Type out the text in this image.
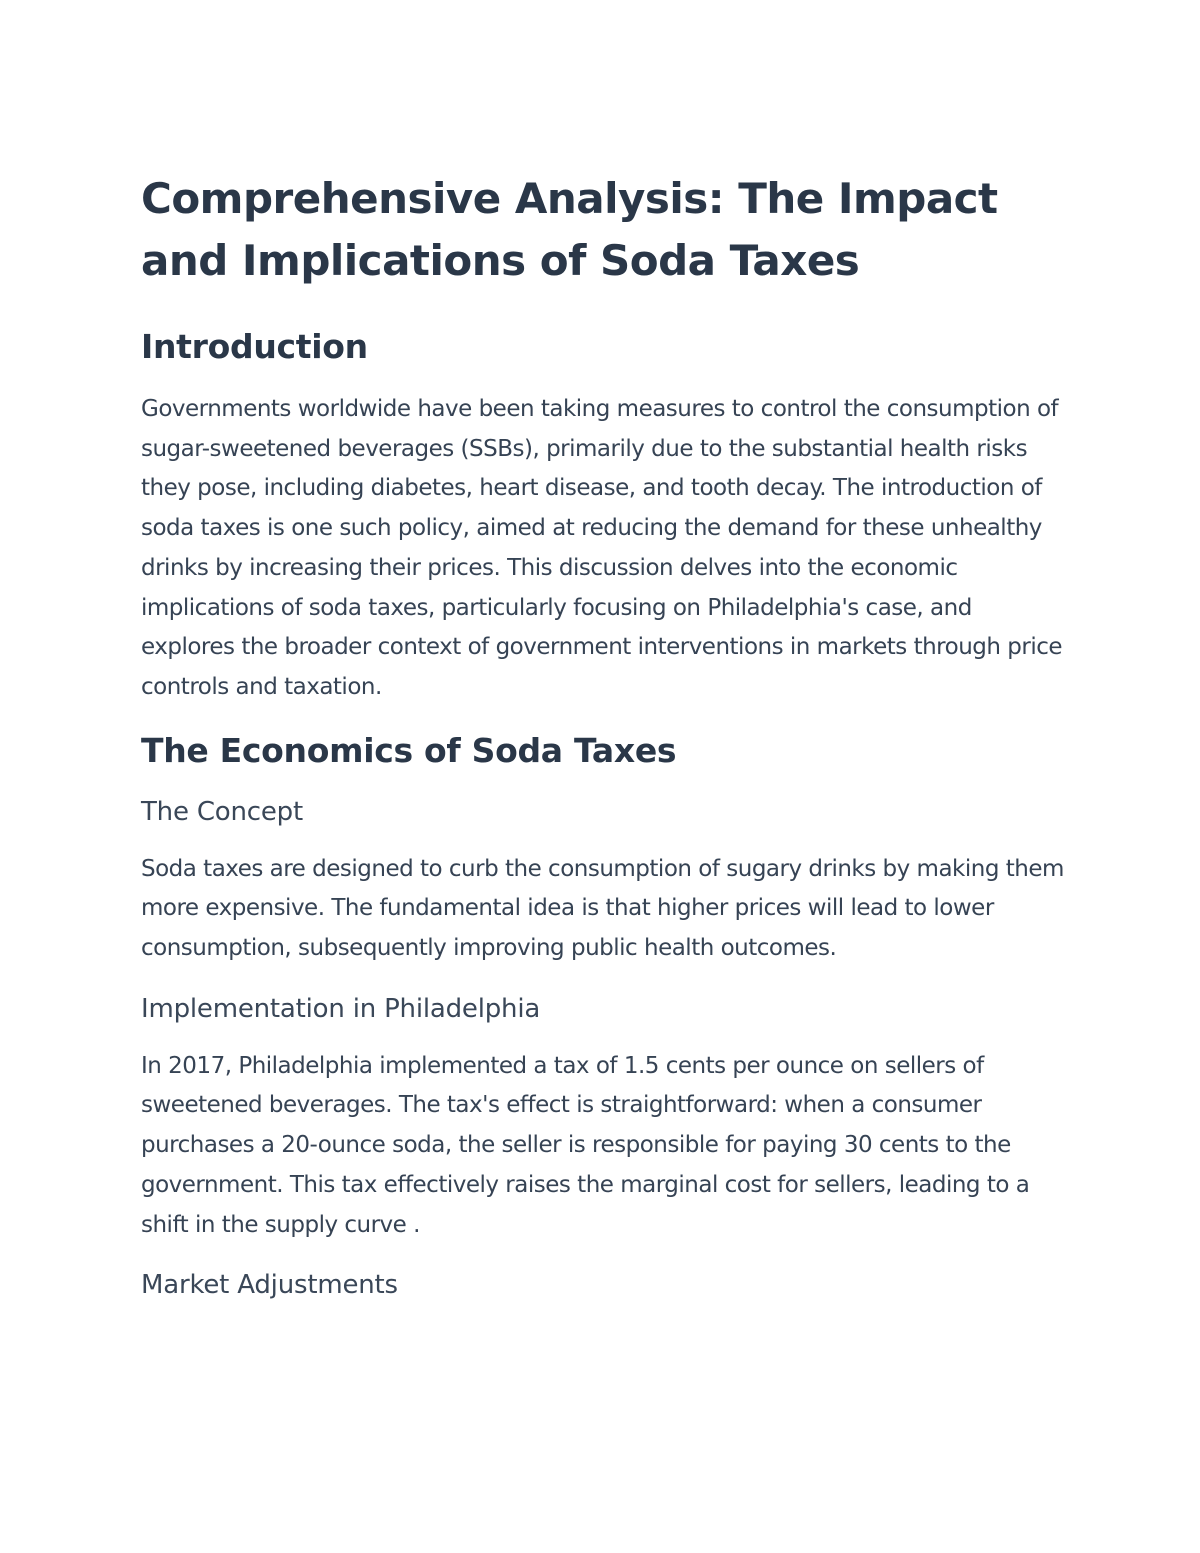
Comprehensive Analysis: The Impact and Implications of Soda Taxes
Introduction

Governments worldwide have been taking measures to control the consumption of sugar-sweetened beverages (SSBs), primarily due to the substantial health risks they pose, including diabetes, heart disease, and tooth decay. The introduction of soda taxes is one such policy, aimed at reducing the demand for these unhealthy drinks by increasing their prices. This discussion delves into the economic implications of soda taxes, particularly focusing on Philadelphia's case, and explores the broader context of government interventions in markets through price controls and taxation.

The Economics of Soda Taxes
The Concept

Soda taxes are designed to curb the consumption of sugary drinks by making them more expensive. The fundamental idea is that higher prices will lead to lower consumption, subsequently improving public health outcomes.

Implementation in Philadelphia

In 2017, Philadelphia implemented a tax of 1.5 cents per ounce on sellers of sweetened beverages. The tax's effect is straightforward: when a consumer purchases a 20-ounce soda, the seller is responsible for paying 30 cents to the government. This tax effectively raises the marginal cost for sellers, leading to a shift in the supply curve .

Market Adjustments
